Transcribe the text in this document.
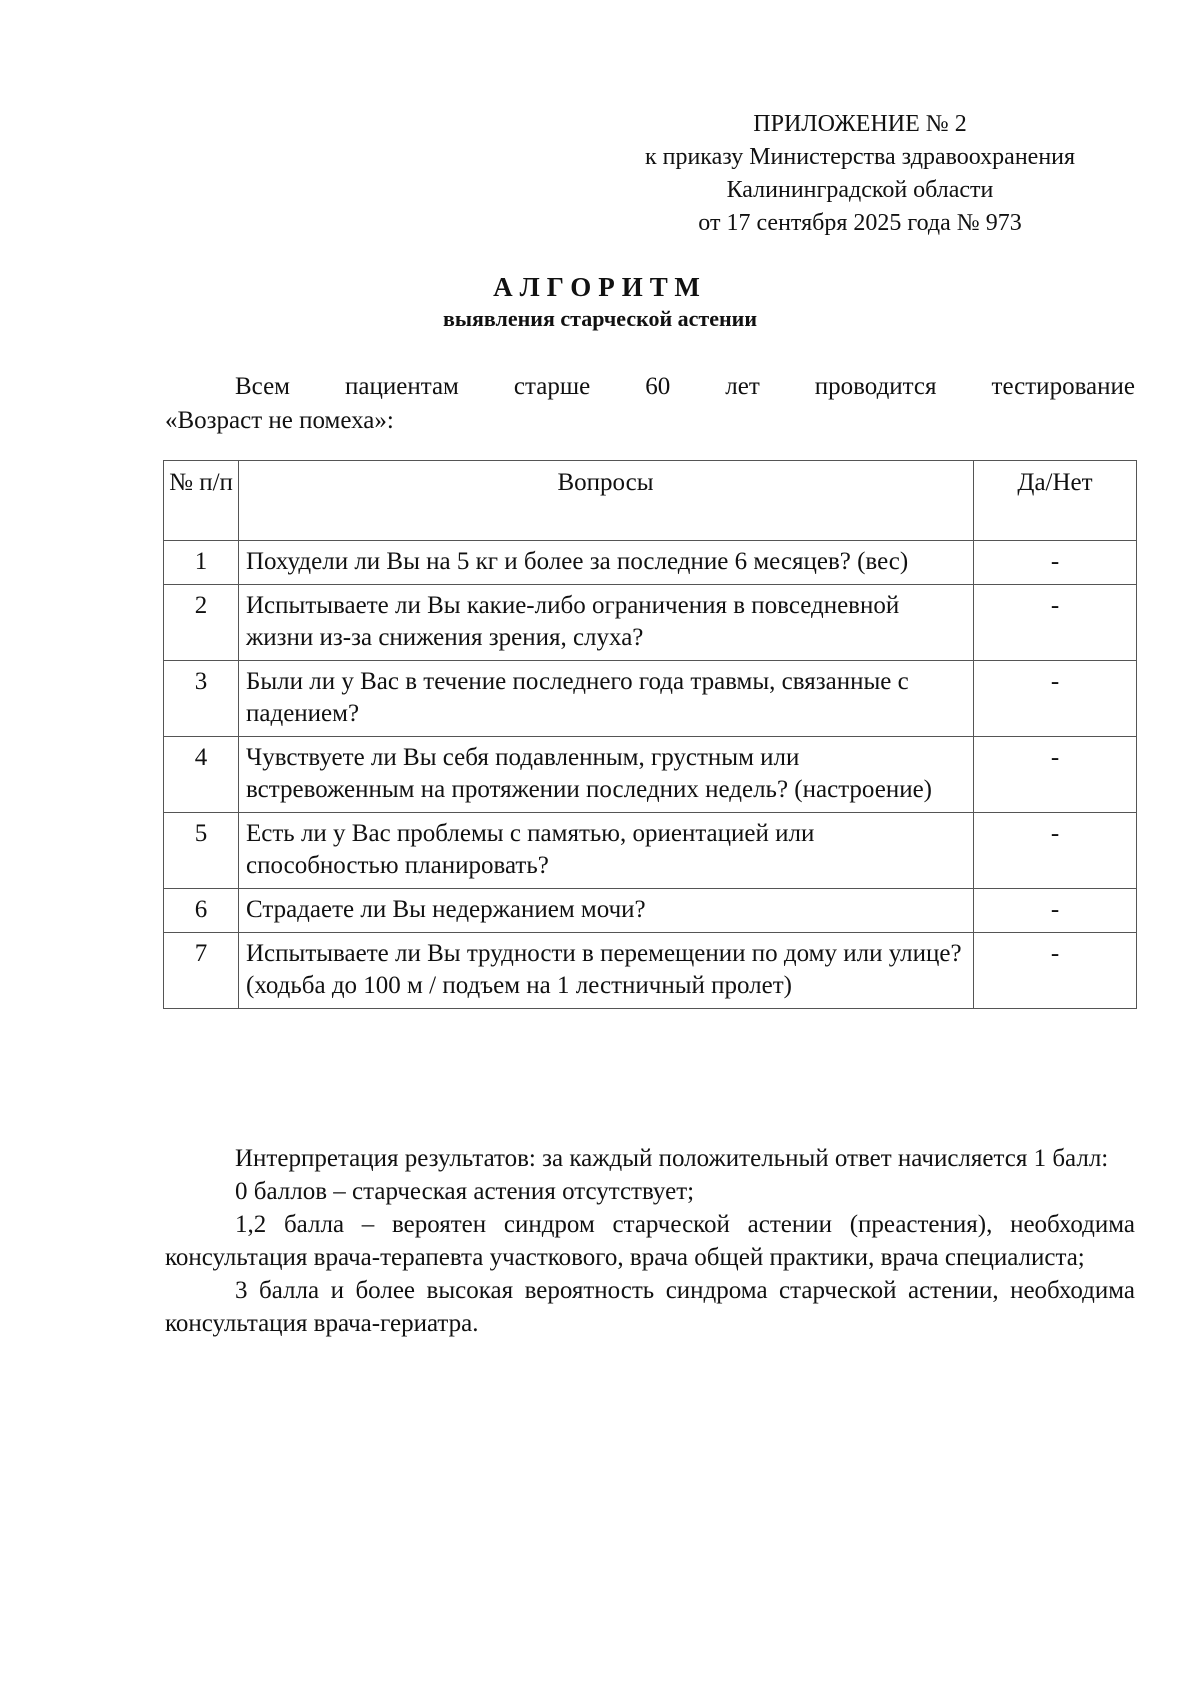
ПРИЛОЖЕНИЕ № 2
к приказу Министерства здравоохранения
Калининградской области
от 17 сентября 2025 года № 973
АЛГОРИТМ
выявления старческой астении
Всем пациентам старше 60 лет проводится тестирование
«Возраст не помеха»:
№ п/п	Вопросы	Да/Нет
1	Похудели ли Вы на 5 кг и более за последние 6 месяцев? (вес)	-
2	Испытываете ли Вы какие-либо ограничения в повседневной жизни из-за снижения зрения, слуха?	-
3	Были ли у Вас в течение последнего года травмы, связанные с падением?	-
4	Чувствуете ли Вы себя подавленным, грустным или встревоженным на протяжении последних недель? (настроение)	-
5	Есть ли у Вас проблемы с памятью, ориентацией или способностью планировать?	-
6	Страдаете ли Вы недержанием мочи?	-
7	Испытываете ли Вы трудности в перемещении по дому или улице? (ходьба до 100 м / подъем на 1 лестничный пролет)	-

Интерпретация результатов: за каждый положительный ответ начисляется 1 балл:

0 баллов – старческая астения отсутствует;

1,2 балла – вероятен синдром старческой астении (преастения), необходима консультация врача-терапевта участкового, врача общей практики, врача специалиста;

3 балла и более высокая вероятность синдрома старческой астении, необходима консультация врача-гериатра.
